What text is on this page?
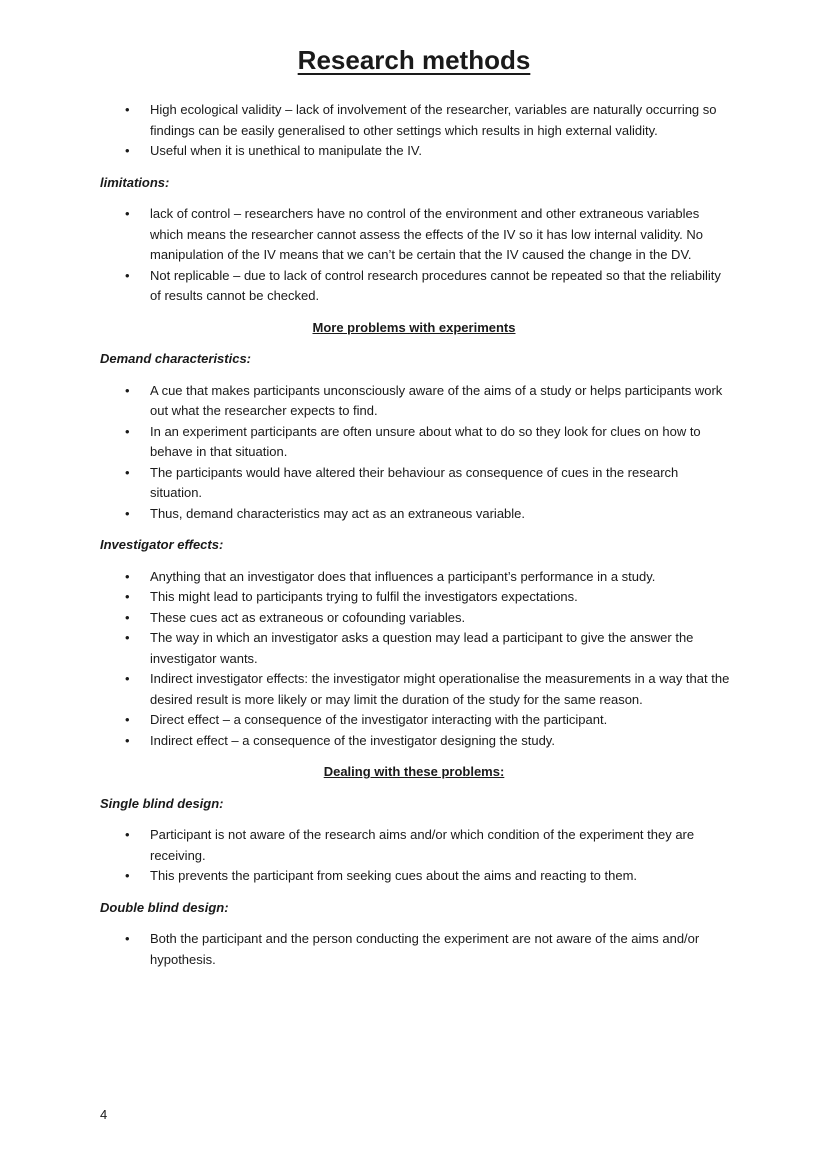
Research methods
• High ecological validity – lack of involvement of the researcher, variables are naturally occurring so findings can be easily generalised to other settings which results in high external validity.
• Useful when it is unethical to manipulate the IV.
limitations:
• lack of control – researchers have no control of the environment and other extraneous variables which means the researcher cannot assess the effects of the IV so it has low internal validity. No manipulation of the IV means that we can’t be certain that the IV caused the change in the DV.
• Not replicable – due to lack of control research procedures cannot be repeated so that the reliability of results cannot be checked.
More problems with experiments
Demand characteristics:
• A cue that makes participants unconsciously aware of the aims of a study or helps participants work out what the researcher expects to find.
• In an experiment participants are often unsure about what to do so they look for clues on how to behave in that situation.
• The participants would have altered their behaviour as consequence of cues in the research situation.
• Thus, demand characteristics may act as an extraneous variable.
Investigator effects:
• Anything that an investigator does that influences a participant’s performance in a study.
• This might lead to participants trying to fulfil the investigators expectations.
• These cues act as extraneous or cofounding variables.
• The way in which an investigator asks a question may lead a participant to give the answer the investigator wants.
• Indirect investigator effects: the investigator might operationalise the measurements in a way that the desired result is more likely or may limit the duration of the study for the same reason.
• Direct effect – a consequence of the investigator interacting with the participant.
• Indirect effect – a consequence of the investigator designing the study.
Dealing with these problems:
Single blind design:
• Participant is not aware of the research aims and/or which condition of the experiment they are receiving.
• This prevents the participant from seeking cues about the aims and reacting to them.
Double blind design:
• Both the participant and the person conducting the experiment are not aware of the aims and/or hypothesis.
4
